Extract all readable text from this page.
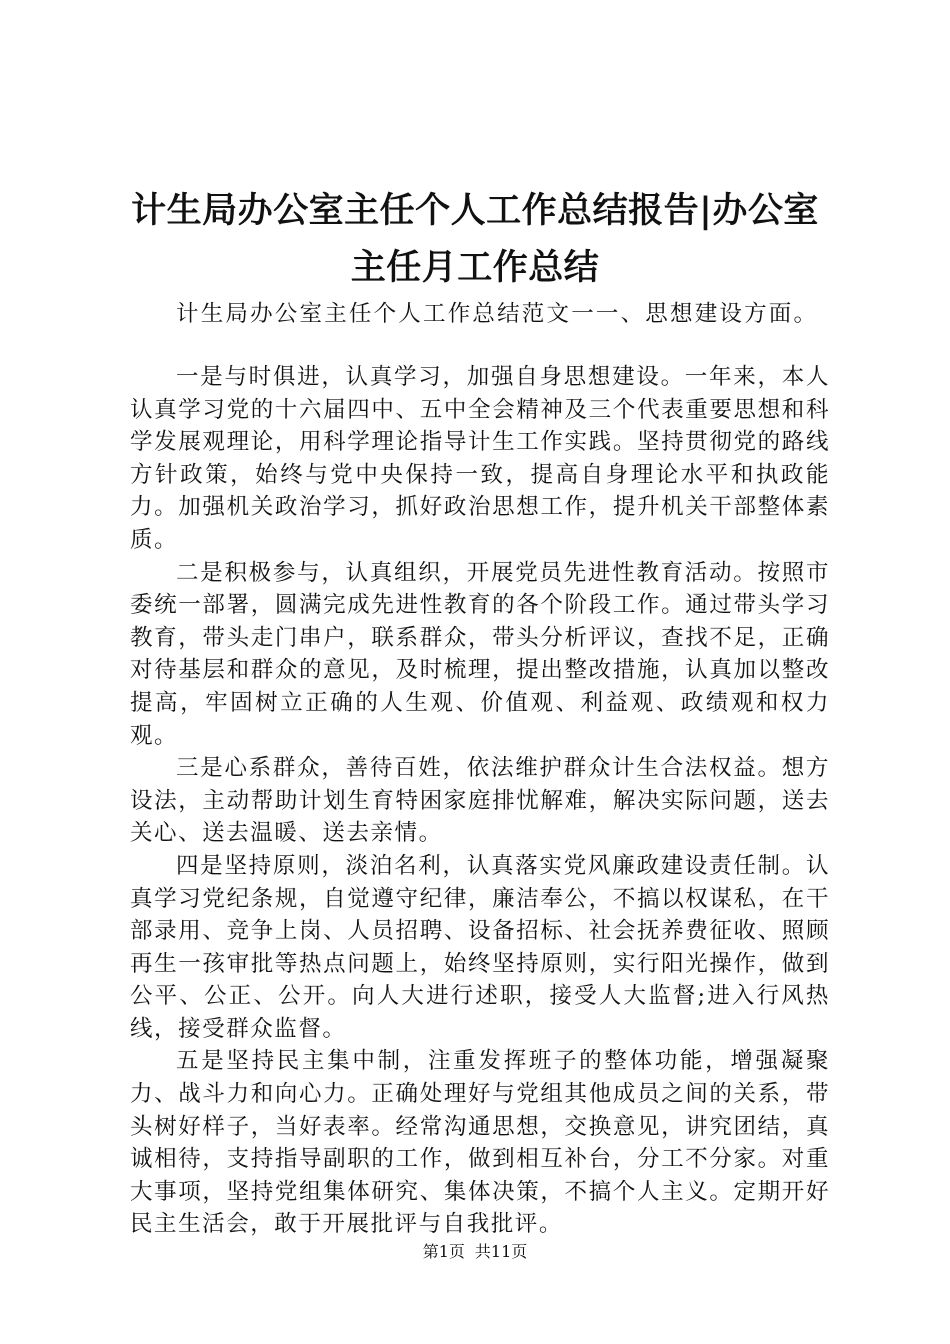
计生局办公室主任个人工作总结报告|办公室
主任月工作总结

计生局办公室主任个人工作总结范文一一、思想建设方面。

一是与时俱进，认真学习，加强自身思想建设。一年来，本人认真学习党的十六届四中、五中全会精神及三个代表重要思想和科学发展观理论，用科学理论指导计生工作实践。坚持贯彻党的路线方针政策，始终与党中央保持一致，提高自身理论水平和执政能力。加强机关政治学习，抓好政治思想工作，提升机关干部整体素质。

二是积极参与，认真组织，开展党员先进性教育活动。按照市委统一部署，圆满完成先进性教育的各个阶段工作。通过带头学习教育，带头走门串户，联系群众，带头分析评议，查找不足，正确对待基层和群众的意见，及时梳理，提出整改措施，认真加以整改提高，牢固树立正确的人生观、价值观、利益观、政绩观和权力观。

三是心系群众，善待百姓，依法维护群众计生合法权益。想方设法，主动帮助计划生育特困家庭排忧解难，解决实际问题，送去关心、送去温暖、送去亲情。

四是坚持原则，淡泊名利，认真落实党风廉政建设责任制。认真学习党纪条规，自觉遵守纪律，廉洁奉公，不搞以权谋私，在干部录用、竞争上岗、人员招聘、设备招标、社会抚养费征收、照顾再生一孩审批等热点问题上，始终坚持原则，实行阳光操作，做到公平、公正、公开。向人大进行述职，接受人大监督;进入行风热线，接受群众监督。

五是坚持民主集中制，注重发挥班子的整体功能，增强凝聚力、战斗力和向心力。正确处理好与党组其他成员之间的关系，带头树好样子，当好表率。经常沟通思想，交换意见，讲究团结，真诚相待，支持指导副职的工作，做到相互补台，分工不分家。对重大事项，坚持党组集体研究、集体决策，不搞个人主义。定期开好民主生活会，敢于开展批评与自我批评。

第1页 共11页
